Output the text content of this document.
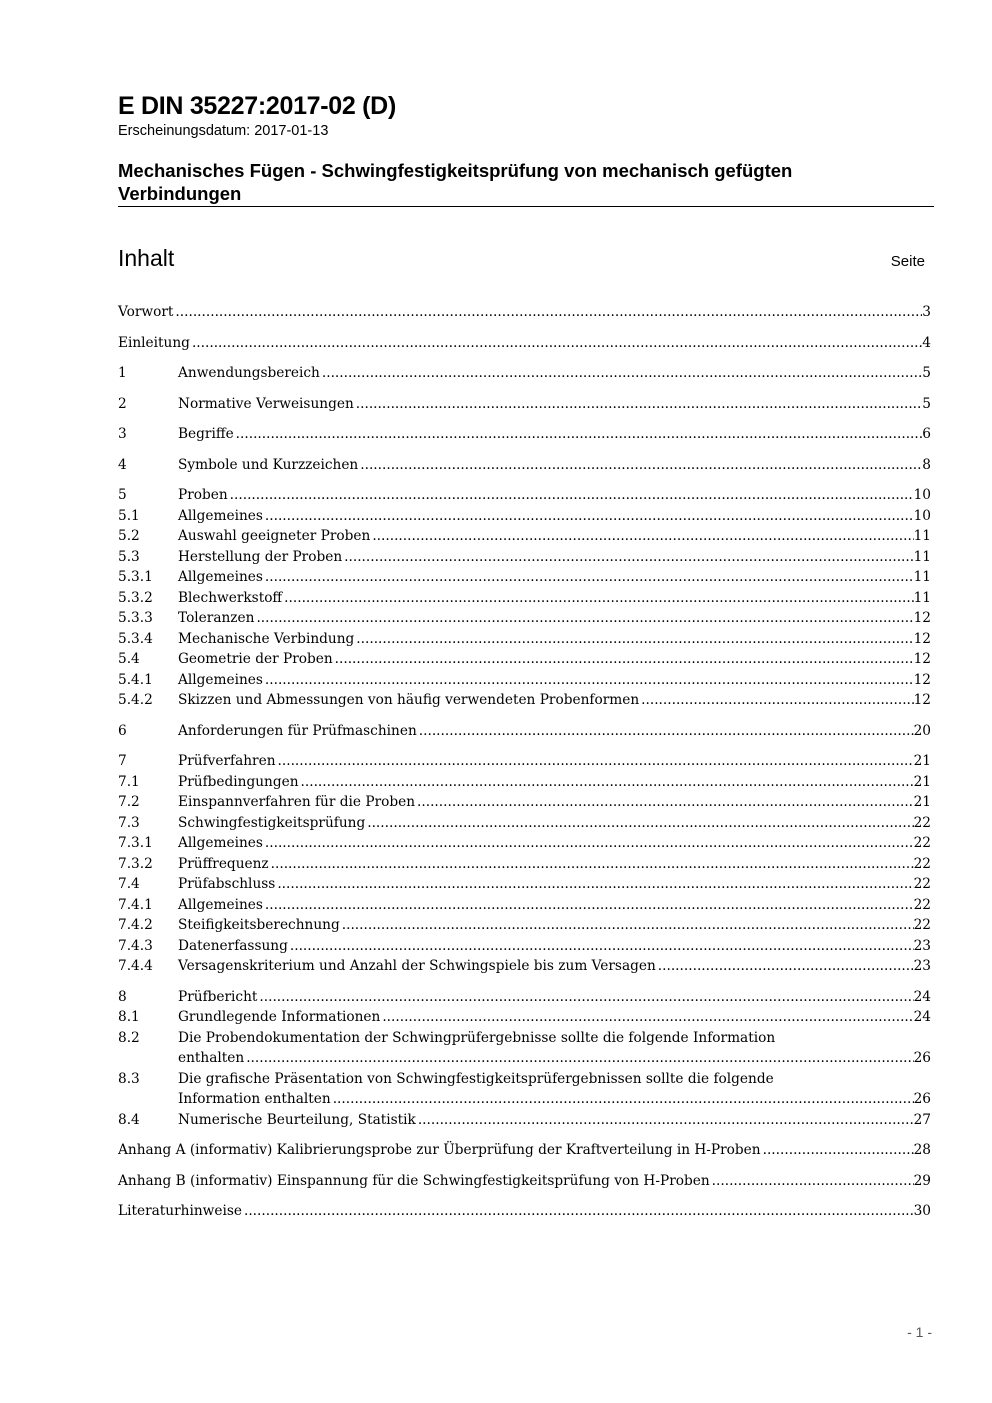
E DIN 35227:2017-02 (D)
Erscheinungsdatum: 2017-01-13
Mechanisches Fügen - Schwingfestigkeitsprüfung von mechanisch gefügten Verbindungen
Inhalt	Seite
Vorwort .....	3
Einleitung .....	4
1	Anwendungsbereich .....	5
2	Normative Verweisungen .....	5
3	Begriffe .....	6
4	Symbole und Kurzzeichen .....	8
5	Proben .....	10
5.1	Allgemeines .....	10
5.2	Auswahl geeigneter Proben .....	11
5.3	Herstellung der Proben .....	11
5.3.1 Allgemeines .....	11
5.3.2 Blechwerkstoff .....	11
5.3.3 Toleranzen .....	12
5.3.4 Mechanische Verbindung .....	12
5.4	Geometrie der Proben .....	12
5.4.1 Allgemeines .....	12
5.4.2 Skizzen und Abmessungen von häufig verwendeten Probenformen .....	12
6	Anforderungen für Prüfmaschinen .....	20
7	Prüfverfahren .....	21
7.1	Prüfbedingungen .....	21
7.2	Einspannverfahren für die Proben .....	21
7.3	Schwingfestigkeitsprüfung .....	22
7.3.1 Allgemeines .....	22
7.3.2 Prüffrequenz .....	22
7.4	Prüfabschluss .....	22
7.4.1 Allgemeines .....	22
7.4.2 Steifigkeitsberechnung .....	22
7.4.3 Datenerfassung .....	23
7.4.4 Versagenskriterium und Anzahl der Schwingspiele bis zum Versagen .....	23
8	Prüfbericht .....	24
8.1	Grundlegende Informationen .....	24
8.2	Die Probendokumentation der Schwingprüfergebnisse sollte die folgende Information
enthalten .....	26
8.3	Die grafische Präsentation von Schwingfestigkeitsprüfergebnissen sollte die folgende
Information enthalten .....	26
8.4	Numerische Beurteilung, Statistik .....	27
Anhang A (informativ) Kalibrierungsprobe zur Überprüfung der Kraftverteilung in H-Proben .....	28
Anhang B (informativ) Einspannung für die Schwingfestigkeitsprüfung von H-Proben .....	29
Literaturhinweise .....	30
- 1 -
